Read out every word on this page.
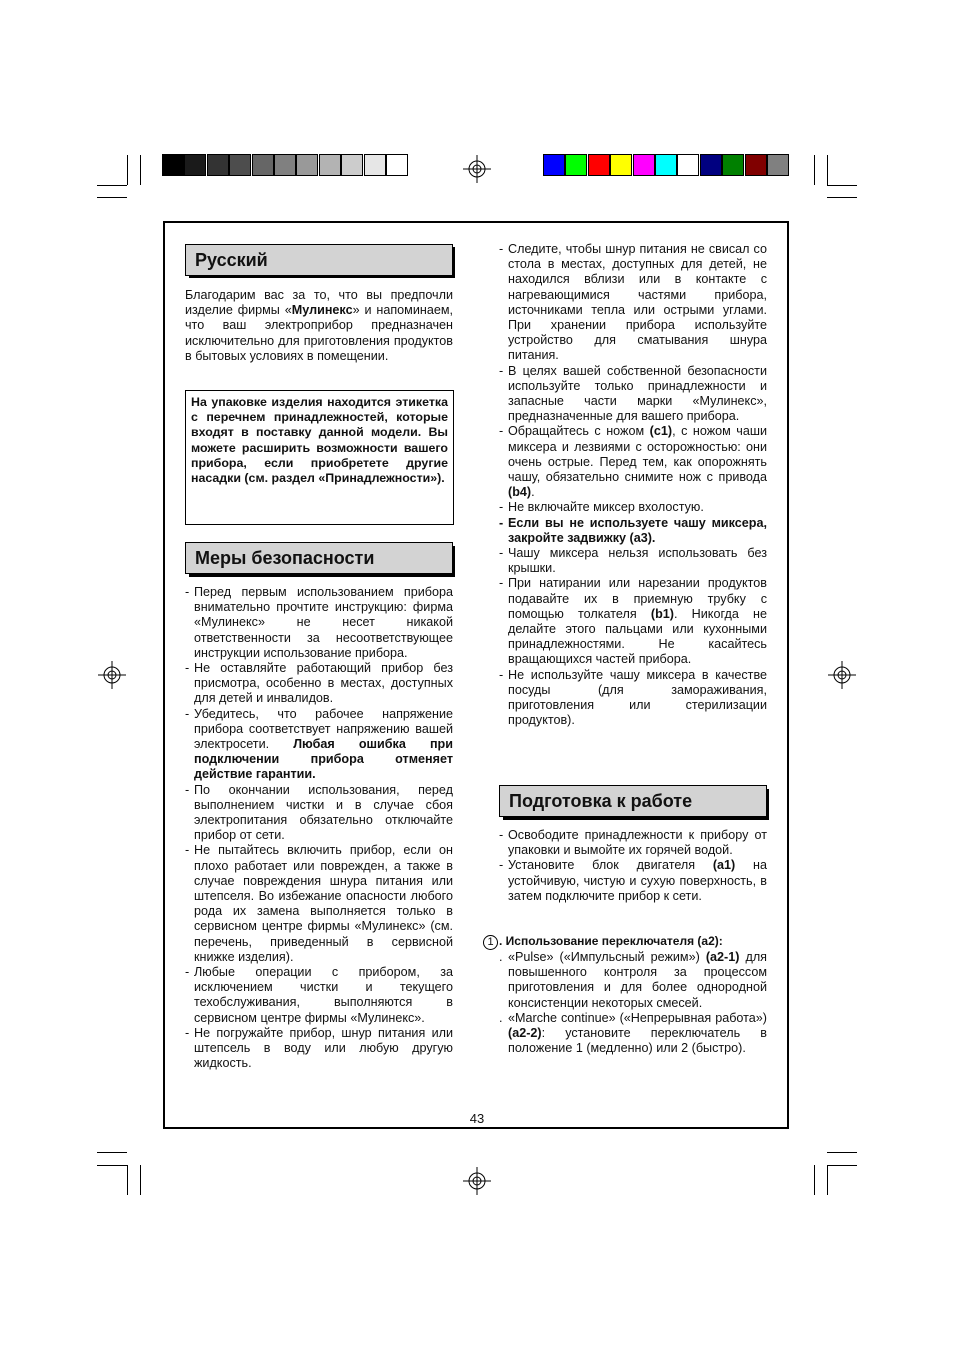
Русский
Благодарим вас за то, что вы предпочли изделие фирмы «Мулинекс» и напоминаем, что ваш электроприбор предназначен исключительно для приготовления продуктов в бытовых условиях в помещении.
На упаковке изделия находится этикетка с перечнем принадлежностей, которые входят в поставку данной модели. Вы можете расширить возможности вашего прибора, если приобретете другие насадки (см. раздел «Принадлежности»).
Меры безопасности
- Перед первым использованием прибора внимательно прочтите инструкцию: фирма «Мулинекс» не несет никакой ответственности за несоответствующее инструкции использование прибора.
- Не оставляйте работающий прибор без присмотра, особенно в местах, доступных для детей и инвалидов.
- Убедитесь, что рабочее напряжение прибора соответствует напряжению вашей электросети. Любая ошибка при подключении прибора отменяет действие гарантии.
- По окончании использования, перед выполнением чистки и в случае сбоя электропитания обязательно отключайте прибор от сети.
- Не пытайтесь включить прибор, если он плохо работает или поврежден, а также в случае повреждения шнура питания или штепселя. Во избежание опасности любого рода их замена выполняется только в сервисном центре фирмы «Мулинекс» (см. перечень, приведенный в сервисной книжке изделия).
- Любые операции с прибором, за исключением чистки и текущего техобслуживания, выполняются в сервисном центре фирмы «Мулинекс».
- Не погружайте прибор, шнур питания или штепсель в воду или любую другую жидкость.
- Следите, чтобы шнур питания не свисал со стола в местах, доступных для детей, не находился вблизи или в контакте с нагревающимися частями прибора, источниками тепла или острыми углами. При хранении прибора используйте устройство для сматывания шнура питания.
- В целях вашей собственной безопасности используйте только принадлежности и запасные части марки «Мулинекс», предназначенные для вашего прибора.
- Обращайтесь с ножом (c1), с ножом чаши миксера и лезвиями с осторожностью: они очень острые. Перед тем, как опорожнять чашу, обязательно снимите нож с привода (b4).
- Не включайте миксер вхолостую.
- Если вы не используете чашу миксера, закройте задвижку (a3).
- Чашу миксера нельзя использовать без крышки.
- При натирании или нарезании продуктов подавайте их в приемную трубку с помощью толкателя (b1). Никогда не делайте этого пальцами или кухонными принадлежностями. Не касайтесь вращающихся частей прибора.
- Не используйте чашу миксера в качестве посуды (для замораживания, приготовления или стерилизации продуктов).
Подготовка к работе
- Освободите принадлежности к прибору от упаковки и вымойте их горячей водой.
- Установите блок двигателя (a1) на устойчивую, чистую и сухую поверхность, в затем подключите прибор к сети.
1 . Использование переключателя (a2):
. «Pulse» («Импульсный режим») (a2-1) для повышенного контроля за процессом приготовления и для более однородной консистенции некоторых смесей.
. «Marche continue» («Непрерывная работа») (a2-2): установите переключатель в положение 1 (медленно) или 2 (быстро).
43
